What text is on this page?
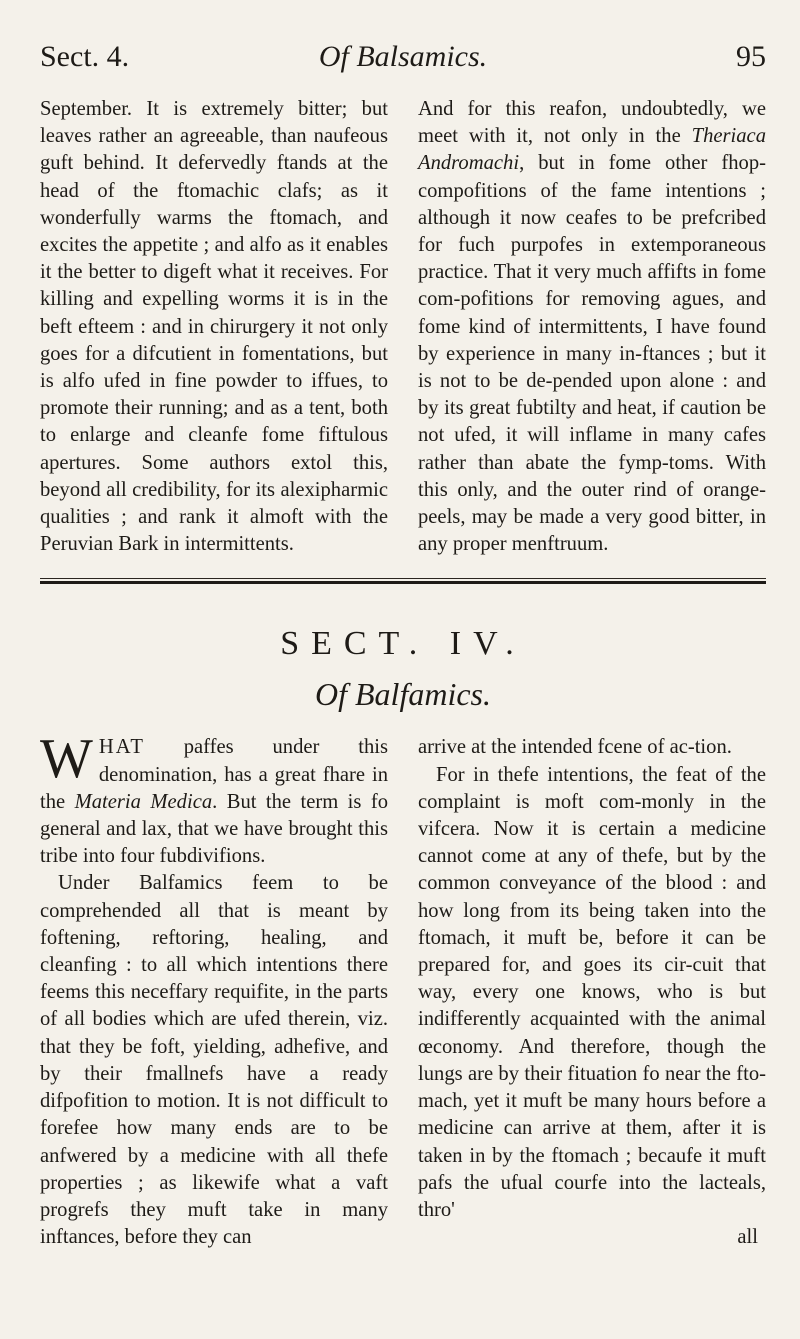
Sect. 4.	Of Balsamics.	95

September. It is extremely bitter; but leaves rather an agreeable, than naufeous guft behind. It defervedly ftands at the head of the ftomachic clafs; as it wonderfully warms the ftomach, and excites the appetite ; and alfo as it enables it the better to digeft what it receives. For killing and expelling worms it is in the beft efteem : and in chirurgery it not only goes for a difcutient in fomentations, but is alfo ufed in fine powder to iffues, to promote their running; and as a tent, both to enlarge and cleanfe fome fiftulous apertures. Some authors extol this, beyond all credibility, for its alexipharmic qualities ; and rank it almoft with the Peruvian Bark in intermittents.

And for this reafon, undoubtedly, we meet with it, not only in the Theriaca Andromachi, but in fome other fhop-compofitions of the fame intentions ; although it now ceafes to be prefcribed for fuch purpofes in extemporaneous practice. That it very much affifts in fome com-pofitions for removing agues, and fome kind of intermittents, I have found by experience in many in-ftances ; but it is not to be de-pended upon alone : and by its great fubtilty and heat, if caution be not ufed, it will inflame in many cafes rather than abate the fymp-toms. With this only, and the outer rind of orange-peels, may be made a very good bitter, in any proper menftruum.

SECT. IV.
Of Balfamics.

WHAT paffes under this denomination, has a great fhare in the Materia Medica. But the term is fo general and lax, that we have brought this tribe into four fubdivifions.

Under Balfamics feem to be comprehended all that is meant by foftening, reftoring, healing, and cleanfing : to all which intentions there feems this neceffary requifite, in the parts of all bodies which are ufed therein, viz. that they be foft, yielding, adhefive, and by their fmallnefs have a ready difpofition to motion. It is not difficult to forefee how many ends are to be anfwered by a medicine with all thefe properties ; as likewife what a vaft progrefs they muft take in many inftances, before they can

arrive at the intended fcene of ac-tion.

For in thefe intentions, the feat of the complaint is moft com-monly in the vifcera. Now it is certain a medicine cannot come at any of thefe, but by the common conveyance of the blood : and how long from its being taken into the ftomach, it muft be, before it can be prepared for, and goes its cir-cuit that way, every one knows, who is but indifferently acquainted with the animal œconomy. And therefore, though the lungs are by their fituation fo near the fto-mach, yet it muft be many hours before a medicine can arrive at them, after it is taken in by the ftomach ; becaufe it muft pafs the ufual courfe into the lacteals, thro'

all
